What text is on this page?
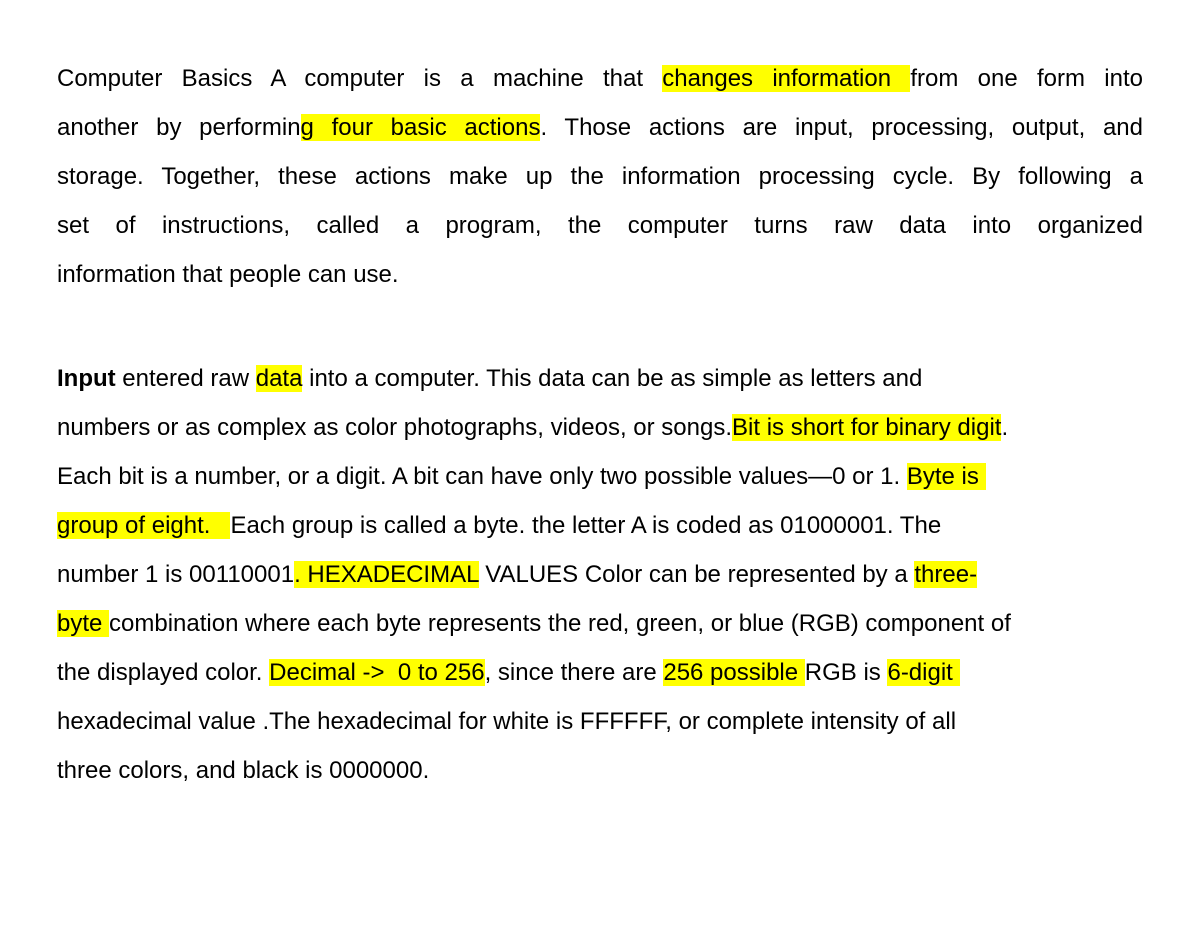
Computer Basics A computer is a machine that changes information from one form into
another by performing four basic actions. Those actions are input, processing, output, and
storage. Together, these actions make up the information processing cycle. By following a
set of instructions, called a program, the computer turns raw data into organized
information that people can use.
Input entered raw data into a computer. This data can be as simple as letters and
numbers or as complex as color photographs, videos, or songs.Bit is short for binary digit.
Each bit is a number, or a digit. A bit can have only two possible values—0 or 1. Byte is
group of eight.   Each group is called a byte. the letter A is coded as 01000001. The
number 1 is 00110001. HEXADECIMAL VALUES Color can be represented by a three-
byte combination where each byte represents the red, green, or blue (RGB) component of
the displayed color. Decimal ->  0 to 256, since there are 256 possible RGB is 6-digit
hexadecimal value .The hexadecimal for white is FFFFFF, or complete intensity of all
three colors, and black is 0000000.
